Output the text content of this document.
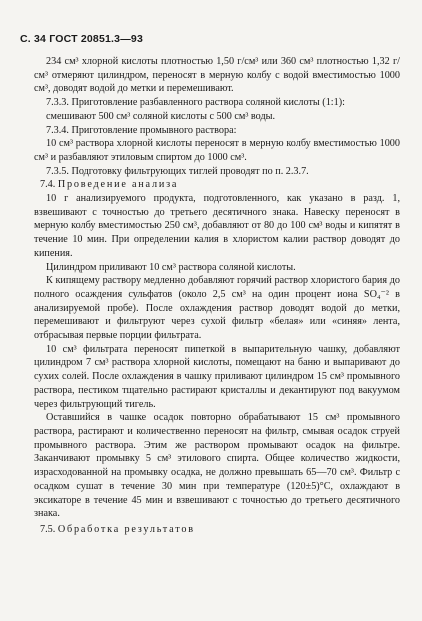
С. 34 ГОСТ 20851.3—93

234 см³ хлорной кислоты плотностью 1,50 г/см³ или 360 см³ плотностью 1,32 г/см³ отмеряют цилиндром, переносят в мерную колбу с водой вместимостью 1000 см³, доводят водой до метки и перемешивают.

7.3.3. Приготовление разбавленного раствора соляной кислоты (1:1):

смешивают 500 см³ соляной кислоты с 500 см³ воды.

7.3.4. Приготовление промывного раствора:

10 см³ раствора хлорной кислоты переносят в мерную колбу вместимостью 1000 см³ и разбавляют этиловым спиртом до 1000 см³.

7.3.5. Подготовку фильтрующих тиглей проводят по п. 2.3.7.

7.4. Проведение анализа

10 г анализируемого продукта, подготовленного, как указано в разд. 1, взвешивают с точностью до третьего десятичного знака. Навеску переносят в мерную колбу вместимостью 250 см³, добавляют от 80 до 100 см³ воды и кипятят в течение 10 мин. При определении калия в хлористом калии раствор доводят до кипения.

Цилиндром приливают 10 см³ раствора соляной кислоты.

К кипящему раствору медленно добавляют горячий раствор хлористого бария до полного осаждения сульфатов (около 2,5 см³ на один процент иона SO₄⁻² в анализируемой пробе). После охлаждения раствор доводят водой до метки, перемешивают и фильтруют через сухой фильтр «белая» или «синяя» лента, отбрасывая первые порции фильтрата.

10 см³ фильтрата переносят пипеткой в выпарительную чашку, добавляют цилиндром 7 см³ раствора хлорной кислоты, помещают на баню и выпаривают до сухих солей. После охлаждения в чашку приливают цилиндром 15 см³ промывного раствора, пестиком тщательно растирают кристаллы и декантируют под вакуумом через фильтрующий тигель.

Оставшийся в чашке осадок повторно обрабатывают 15 см³ промывного раствора, растирают и количественно переносят на фильтр, смывая осадок струей промывного раствора. Этим же раствором промывают осадок на фильтре. Заканчивают промывку 5 см³ этилового спирта. Общее количество жидкости, израсходованной на промывку осадка, не должно превышать 65—70 см³. Фильтр с осадком сушат в течение 30 мин при температуре (120±5)°C, охлаждают в эксикаторе в течение 45 мин и взвешивают с точностью до третьего десятичного знака.

7.5. Обработка результатов
